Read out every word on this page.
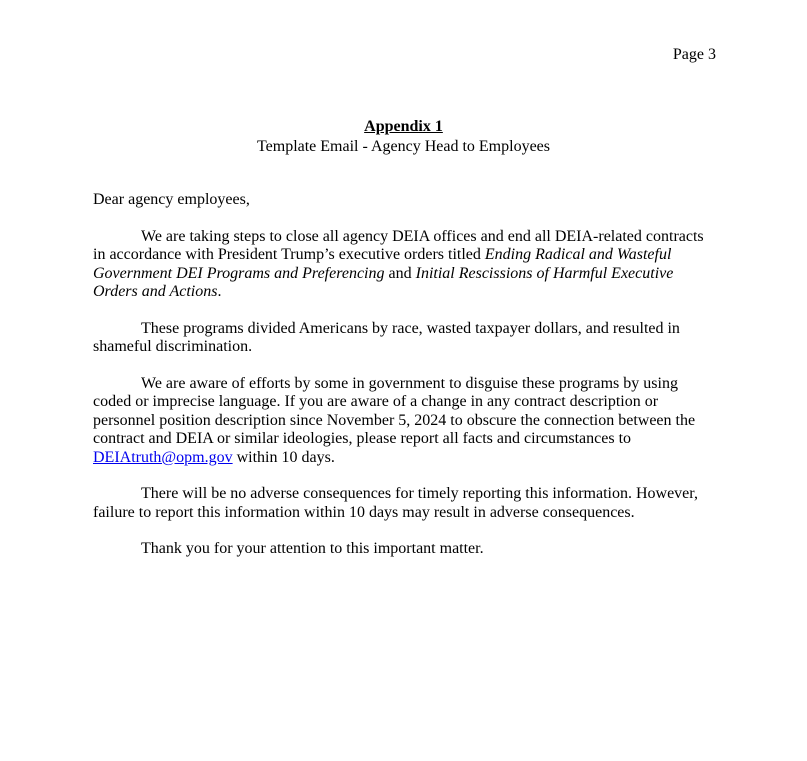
Page 3

Appendix 1

Template Email - Agency Head to Employees

Dear agency employees,

We are taking steps to close all agency DEIA offices and end all DEIA-related contracts in accordance with President Trump’s executive orders titled Ending Radical and Wasteful Government DEI Programs and Preferencing and Initial Rescissions of Harmful Executive Orders and Actions.

These programs divided Americans by race, wasted taxpayer dollars, and resulted in shameful discrimination.

We are aware of efforts by some in government to disguise these programs by using coded or imprecise language. If you are aware of a change in any contract description or personnel position description since November 5, 2024 to obscure the connection between the contract and DEIA or similar ideologies, please report all facts and circumstances to DEIAtruth@opm.gov within 10 days.

There will be no adverse consequences for timely reporting this information. However, failure to report this information within 10 days may result in adverse consequences.

Thank you for your attention to this important matter.
